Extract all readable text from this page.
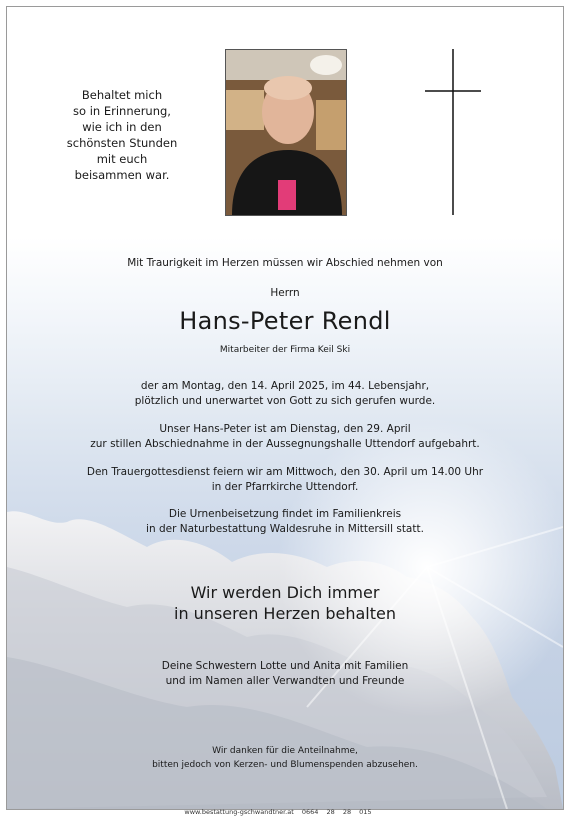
Behaltet mich
so in Erinnerung,
wie ich in den
schönsten Stunden
mit euch
beisammen war.
Mit Traurigkeit im Herzen müssen wir Abschied nehmen von
Herrn
Hans-Peter Rendl
Mitarbeiter der Firma Keil Ski
der am Montag, den 14. April 2025, im 44. Lebensjahr,
plötzlich und unerwartet von Gott zu sich gerufen wurde.
Unser Hans-Peter ist am Dienstag, den 29. April
zur stillen Abschiednahme in der Aussegnungshalle Uttendorf aufgebahrt.
Den Trauergottesdienst feiern wir am Mittwoch, den 30. April um 14.00 Uhr
in der Pfarrkirche Uttendorf.
Die Urnenbeisetzung findet im Familienkreis
in der Naturbestattung Waldesruhe in Mittersill statt.
Wir werden Dich immer
in unseren Herzen behalten
Deine Schwestern Lotte und Anita mit Familien
und im Namen aller Verwandten und Freunde
Wir danken für die Anteilnahme,
bitten jedoch von Kerzen- und Blumenspenden abzusehen.
www.bestattung-gschwandtner.at 0664 28 28 015
